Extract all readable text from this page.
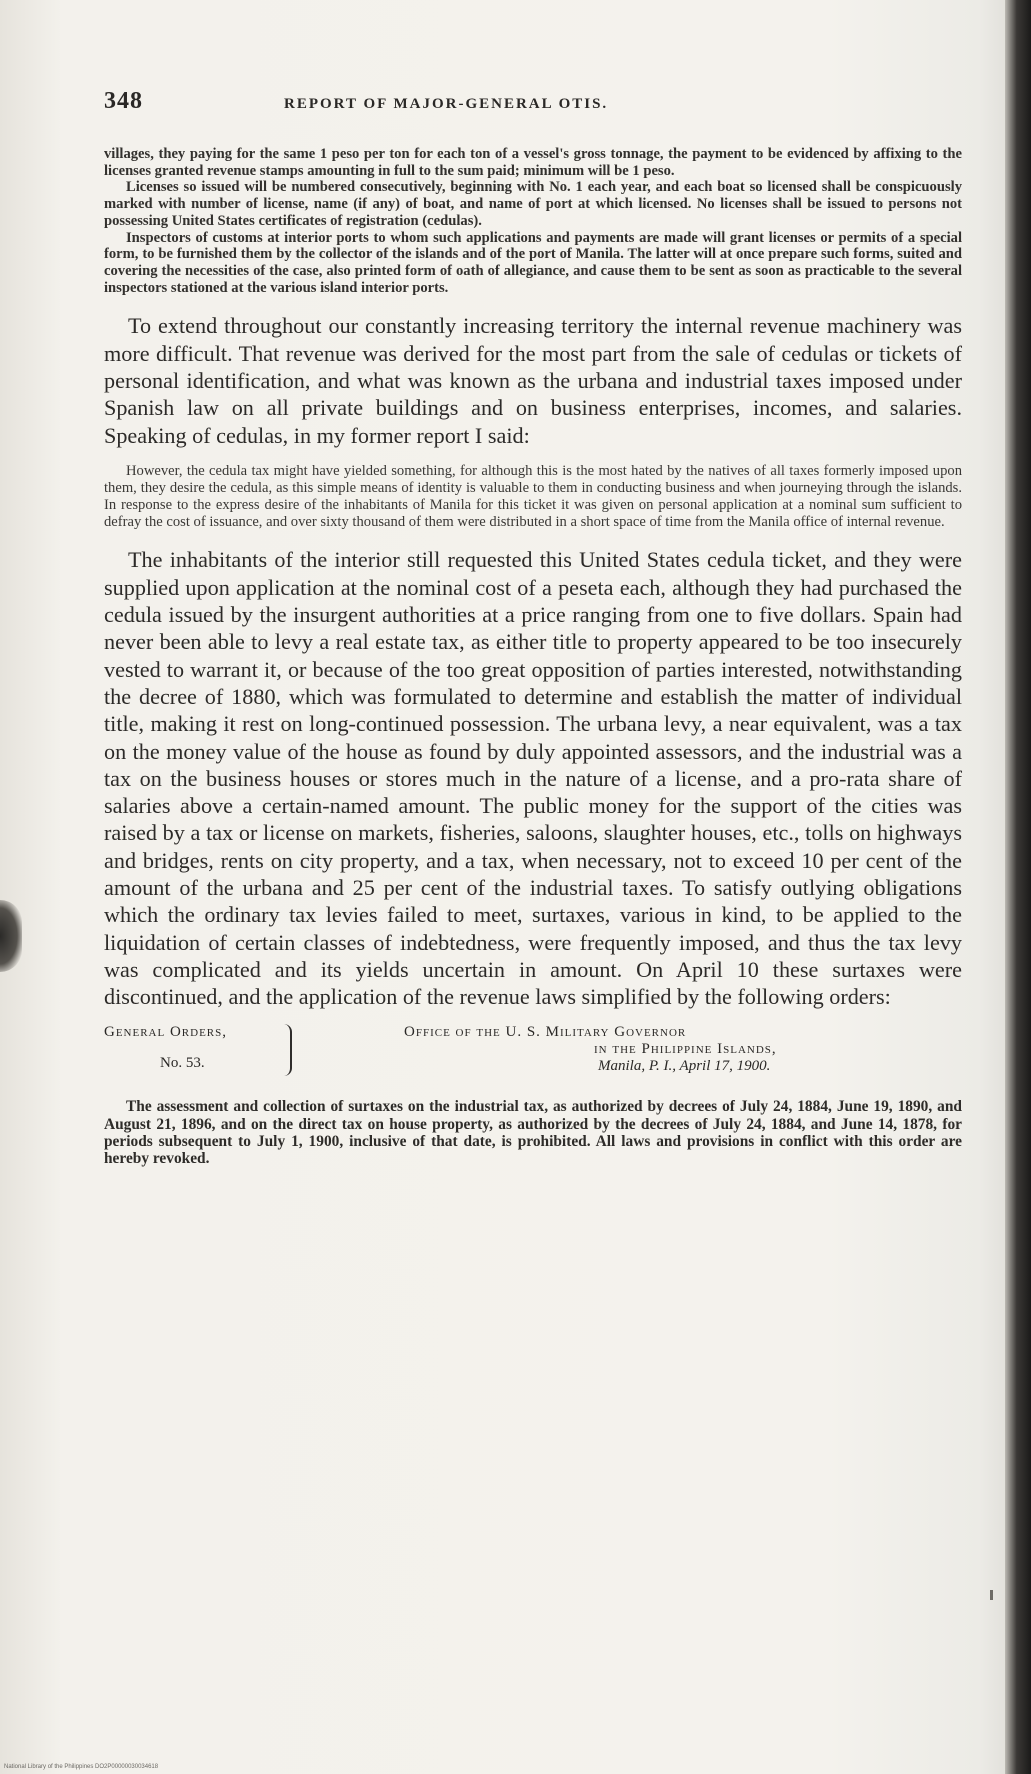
348	REPORT OF MAJOR-GENERAL OTIS.

villages, they paying for the same 1 peso per ton for each ton of a vessel's gross tonnage, the payment to be evidenced by affixing to the licenses granted revenue stamps amounting in full to the sum paid; minimum will be 1 peso.

Licenses so issued will be numbered consecutively, beginning with No. 1 each year, and each boat so licensed shall be conspicuously marked with number of license, name (if any) of boat, and name of port at which licensed. No licenses shall be issued to persons not possessing United States certificates of registration (cedulas).

Inspectors of customs at interior ports to whom such applications and payments are made will grant licenses or permits of a special form, to be furnished them by the collector of the islands and of the port of Manila. The latter will at once prepare such forms, suited and covering the necessities of the case, also printed form of oath of allegiance, and cause them to be sent as soon as practicable to the several inspectors stationed at the various island interior ports.

To extend throughout our constantly increasing territory the internal revenue machinery was more difficult. That revenue was derived for the most part from the sale of cedulas or tickets of personal identification, and what was known as the urbana and industrial taxes imposed under Spanish law on all private buildings and on business enterprises, incomes, and salaries. Speaking of cedulas, in my former report I said:

However, the cedula tax might have yielded something, for although this is the most hated by the natives of all taxes formerly imposed upon them, they desire the cedula, as this simple means of identity is valuable to them in conducting business and when journeying through the islands. In response to the express desire of the inhabitants of Manila for this ticket it was given on personal application at a nominal sum sufficient to defray the cost of issuance, and over sixty thousand of them were distributed in a short space of time from the Manila office of internal revenue.

The inhabitants of the interior still requested this United States cedula ticket, and they were supplied upon application at the nominal cost of a peseta each, although they had purchased the cedula issued by the insurgent authorities at a price ranging from one to five dollars. Spain had never been able to levy a real estate tax, as either title to property appeared to be too insecurely vested to warrant it, or because of the too great opposition of parties interested, notwithstanding the decree of 1880, which was formulated to determine and establish the matter of individual title, making it rest on long-continued possession. The urbana levy, a near equivalent, was a tax on the money value of the house as found by duly appointed assessors, and the industrial was a tax on the business houses or stores much in the nature of a license, and a pro-rata share of salaries above a certain-named amount. The public money for the support of the cities was raised by a tax or license on markets, fisheries, saloons, slaughter houses, etc., tolls on highways and bridges, rents on city property, and a tax, when necessary, not to exceed 10 per cent of the amount of the urbana and 25 per cent of the industrial taxes. To satisfy outlying obligations which the ordinary tax levies failed to meet, surtaxes, various in kind, to be applied to the liquidation of certain classes of indebtedness, were frequently imposed, and thus the tax levy was complicated and its yields uncertain in amount. On April 10 these surtaxes were discontinued, and the application of the revenue laws simplified by the following orders:

General Orders,
No. 53.
Office of the U. S. Military Governor
in the Philippine Islands,
Manila, P. I., April 17, 1900.

The assessment and collection of surtaxes on the industrial tax, as authorized by decrees of July 24, 1884, June 19, 1890, and August 21, 1896, and on the direct tax on house property, as authorized by the decrees of July 24, 1884, and June 14, 1878, for periods subsequent to July 1, 1900, inclusive of that date, is prohibited. All laws and provisions in conflict with this order are hereby revoked.

National Library of the Philippines DO2P00000030034618
